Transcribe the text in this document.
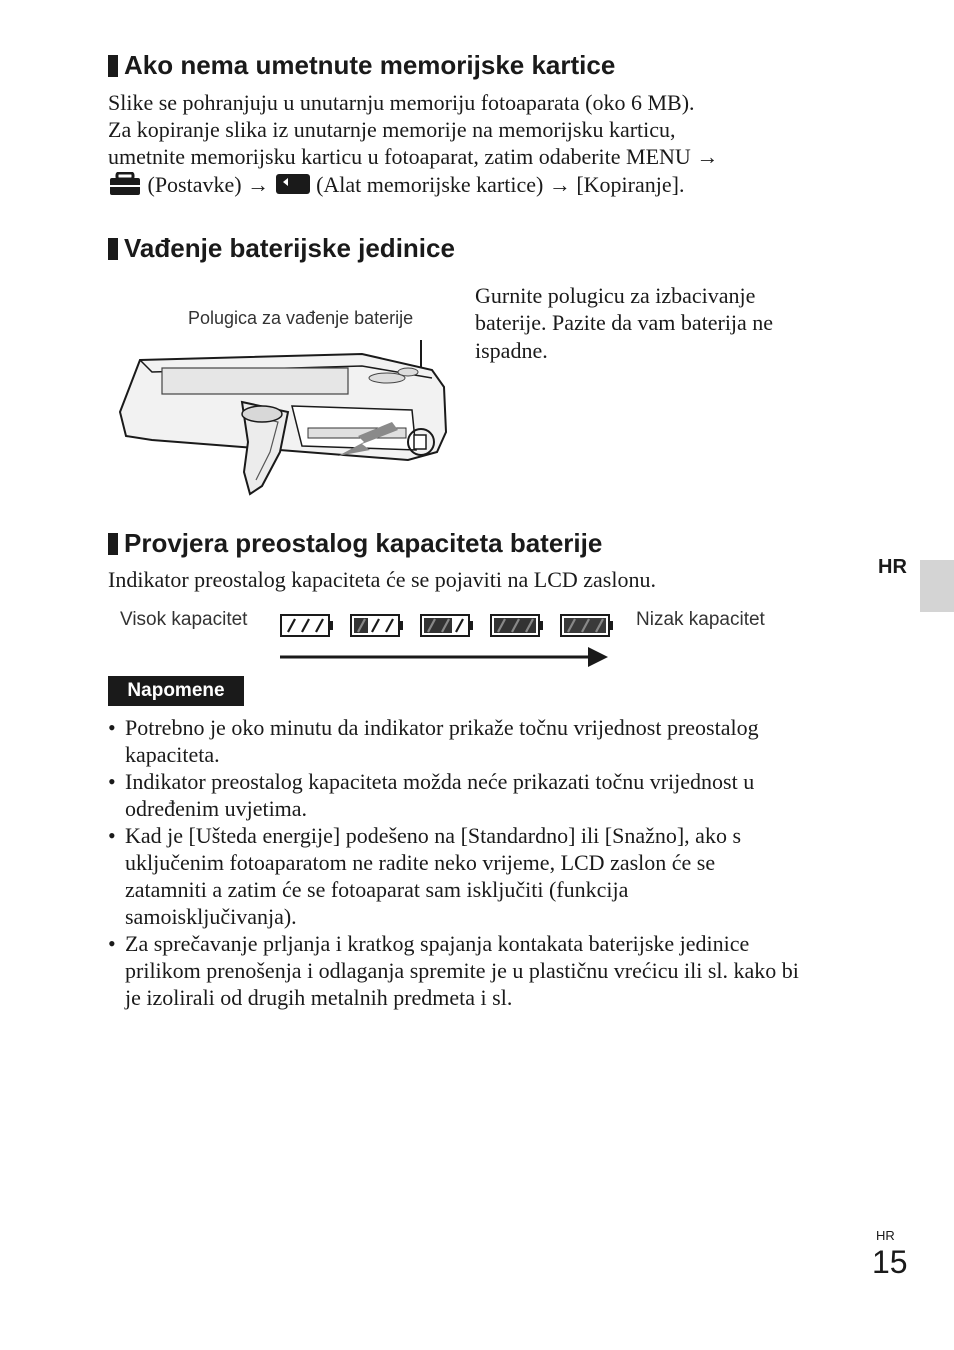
Ako nema umetnute memorijske kartice
Slike se pohranjuju u unutarnju memoriju fotoaparata (oko 6 MB).
Za kopiranje slika iz unutarnje memorije na memorijsku karticu,
umetnite memorijsku karticu u fotoaparat, zatim odaberite MENU →
(Postavke) → (Alat memorijske kartice) → [Kopiranje].
Vađenje baterijske jedinice
Polugica za vađenje baterije
Gurnite polugicu za izbacivanje
baterije. Pazite da vam baterija ne
ispadne.
Provjera preostalog kapaciteta baterije
Indikator preostalog kapaciteta će se pojaviti na LCD zaslonu.
Visok kapacitet	Nizak kapacitet
Napomene
• Potrebno je oko minutu da indikator prikaže točnu vrijednost preostalog
kapaciteta.
• Indikator preostalog kapaciteta možda neće prikazati točnu vrijednost u
određenim uvjetima.
• Kad je [Ušteda energije] podešeno na [Standardno] ili [Snažno], ako s
uključenim fotoaparatom ne radite neko vrijeme, LCD zaslon će se
zatamniti a zatim će se fotoaparat sam isključiti (funkcija
samoisključivanja).
• Za sprečavanje prljanja i kratkog spajanja kontakata baterijske jedinice
prilikom prenošenja i odlaganja spremite je u plastičnu vrećicu ili sl. kako bi
je izolirali od drugih metalnih predmeta i sl.
HR
HR
15
